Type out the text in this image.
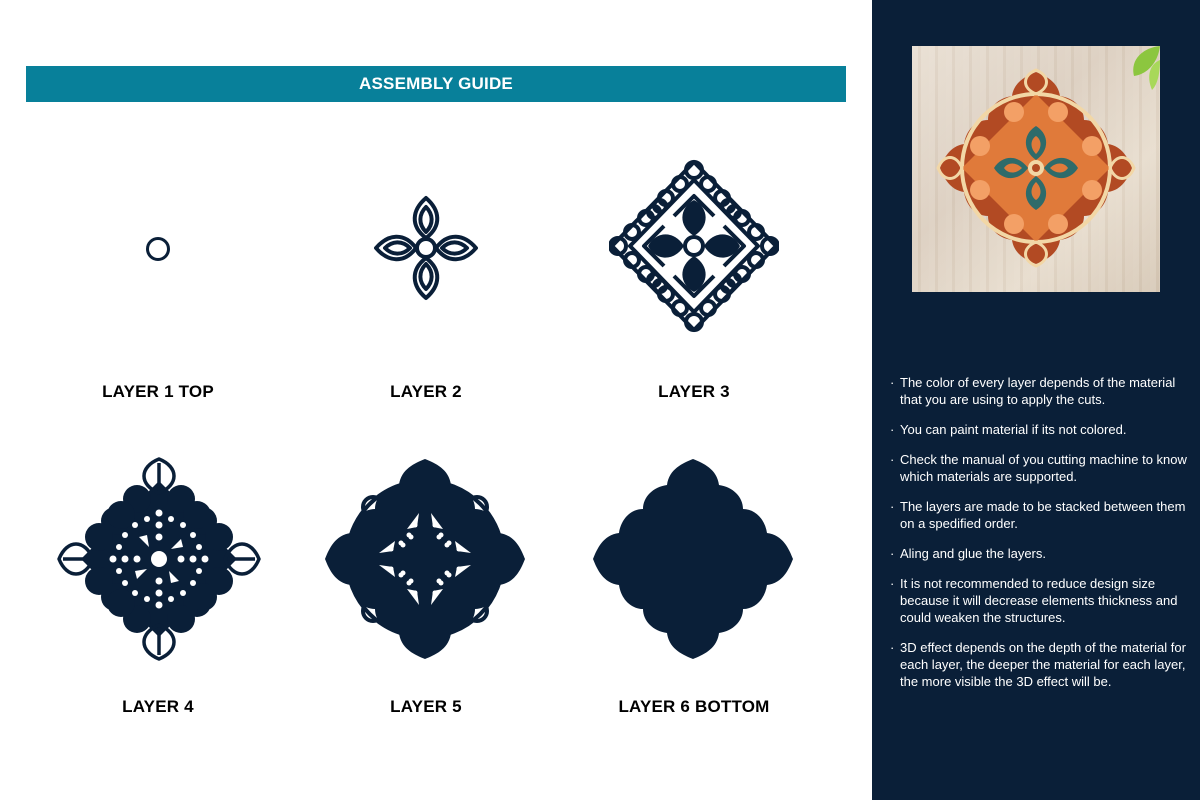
ASSEMBLY GUIDE
LAYER 1 TOP	LAYER 2	LAYER 3
LAYER 4	LAYER 5	LAYER 6 BOTTOM
· The color of every layer depends of the material that you are using to apply the cuts.
· You can paint material if its not colored.
· Check the manual of you cutting machine to know which materials are supported.
· The layers are made to be stacked between them on a spedified order.
· Aling and glue the layers.
· It is not recommended to reduce design size because it will decrease elements thickness and could weaken the structures.
· 3D effect depends on the depth of the material for each layer, the deeper the material for each layer, the more visible the 3D effect will be.
